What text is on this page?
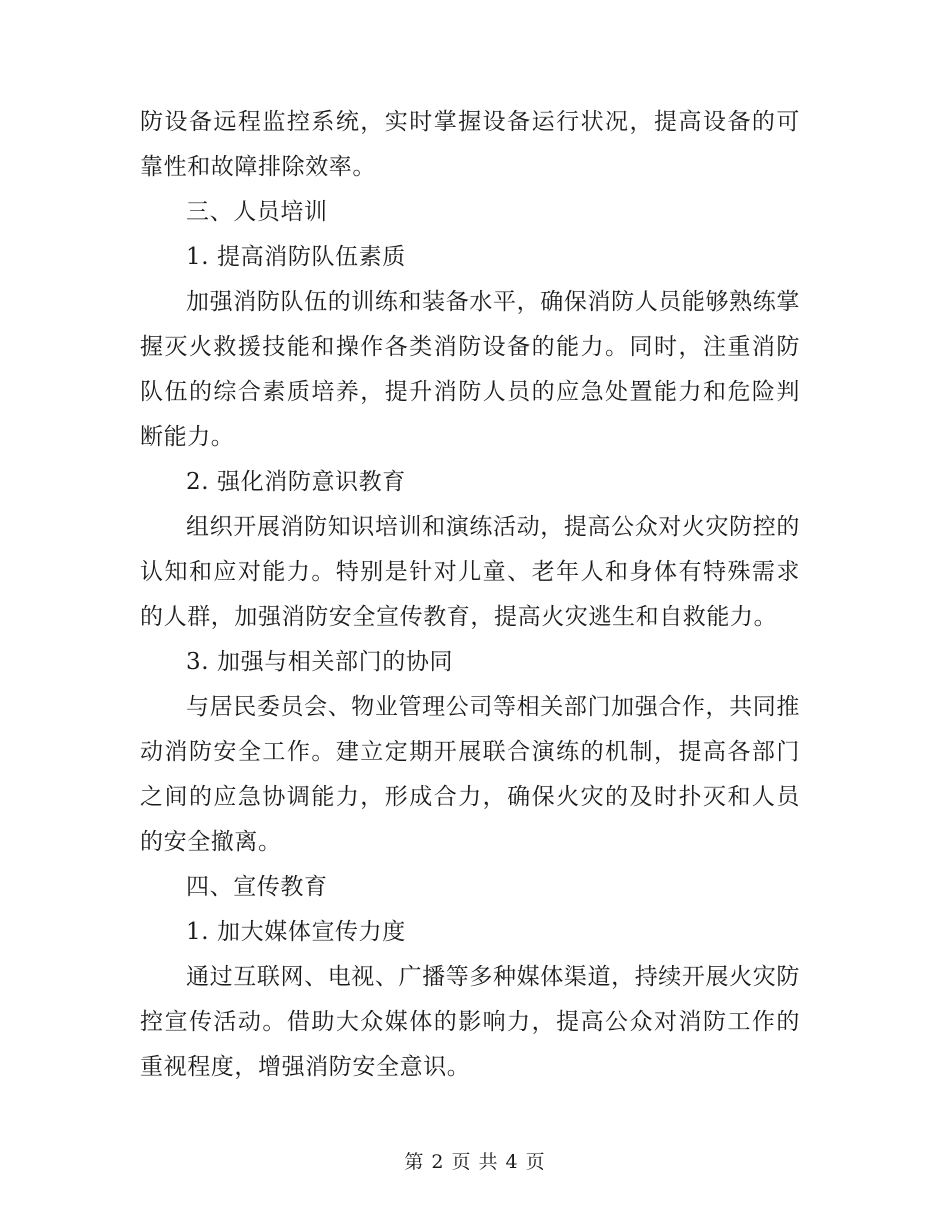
防设备远程监控系统，实时掌握设备运行状况，提高设备的可靠性和故障排除效率。

三、人员培训

1. 提高消防队伍素质

加强消防队伍的训练和装备水平，确保消防人员能够熟练掌握灭火救援技能和操作各类消防设备的能力。同时，注重消防队伍的综合素质培养，提升消防人员的应急处置能力和危险判断能力。

2. 强化消防意识教育

组织开展消防知识培训和演练活动，提高公众对火灾防控的认知和应对能力。特别是针对儿童、老年人和身体有特殊需求的人群，加强消防安全宣传教育，提高火灾逃生和自救能力。

3. 加强与相关部门的协同

与居民委员会、物业管理公司等相关部门加强合作，共同推动消防安全工作。建立定期开展联合演练的机制，提高各部门之间的应急协调能力，形成合力，确保火灾的及时扑灭和人员的安全撤离。

四、宣传教育

1. 加大媒体宣传力度

通过互联网、电视、广播等多种媒体渠道，持续开展火灾防控宣传活动。借助大众媒体的影响力，提高公众对消防工作的重视程度，增强消防安全意识。

第 2 页 共 4 页
